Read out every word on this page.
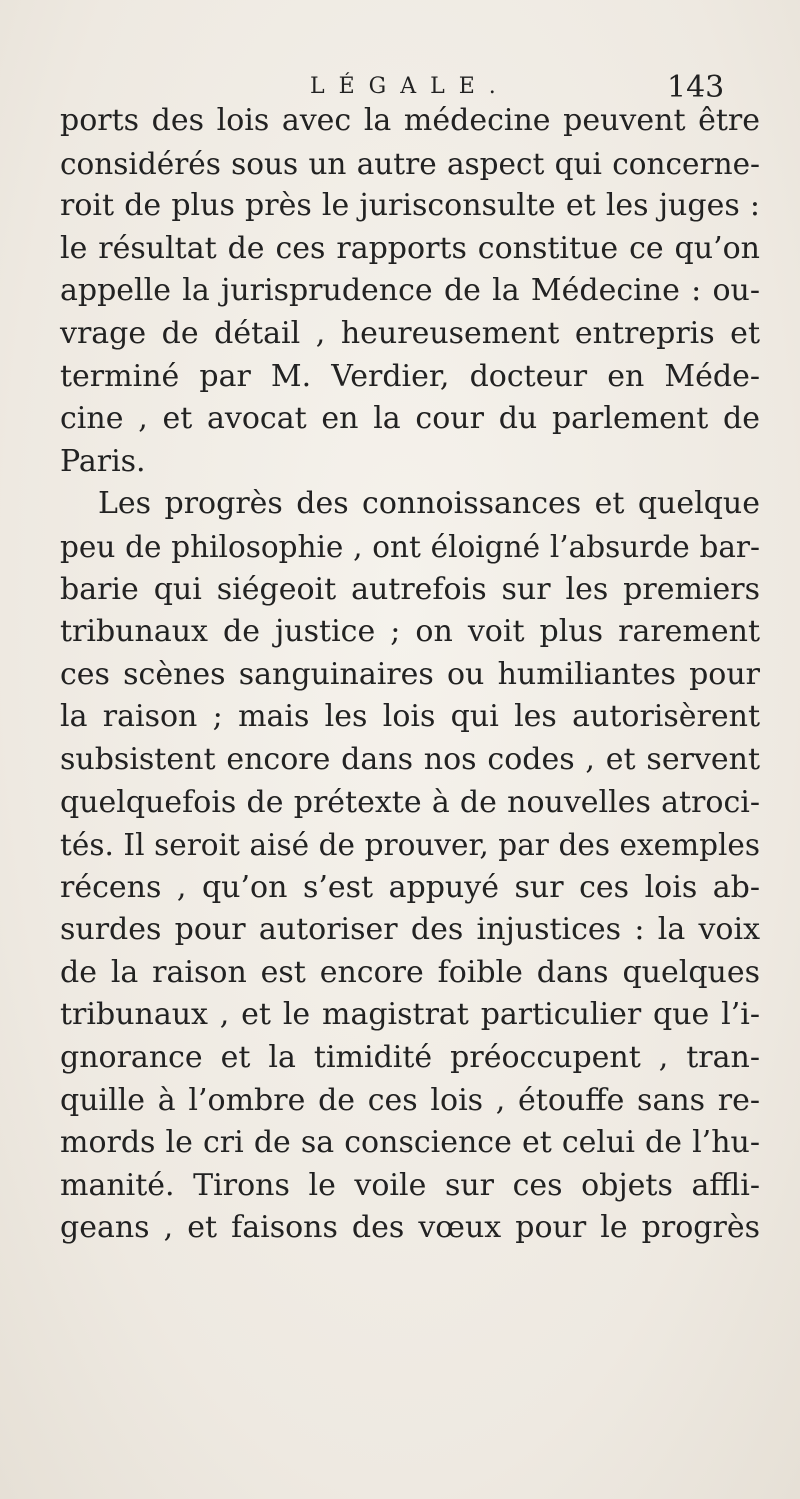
LÉGALE.	143
ports des lois avec la médecine peuvent être
considérés sous un autre aspect qui concerne-
roit de plus près le jurisconsulte et les juges :
le résultat de ces rapports constitue ce qu’on
appelle la jurisprudence de la Médecine : ou-
vrage de détail , heureusement entrepris et
terminé par M. Verdier, docteur en Méde-
cine , et avocat en la cour du parlement de
Paris.
Les progrès des connoissances et quelque
peu de philosophie , ont éloigné l’absurde bar-
barie qui siégeoit autrefois sur les premiers
tribunaux de justice ; on voit plus rarement
ces scènes sanguinaires ou humiliantes pour
la raison ; mais les lois qui les autorisèrent
subsistent encore dans nos codes , et servent
quelquefois de prétexte à de nouvelles atroci-
tés. Il seroit aisé de prouver, par des exemples
récens , qu’on s’est appuyé sur ces lois ab-
surdes pour autoriser des injustices : la voix
de la raison est encore foible dans quelques
tribunaux , et le magistrat particulier que l’i-
gnorance et la timidité préoccupent , tran-
quille à l’ombre de ces lois , étouffe sans re-
mords le cri de sa conscience et celui de l’hu-
manité. Tirons le voile sur ces objets affli-
geans , et faisons des vœux pour le progrès
